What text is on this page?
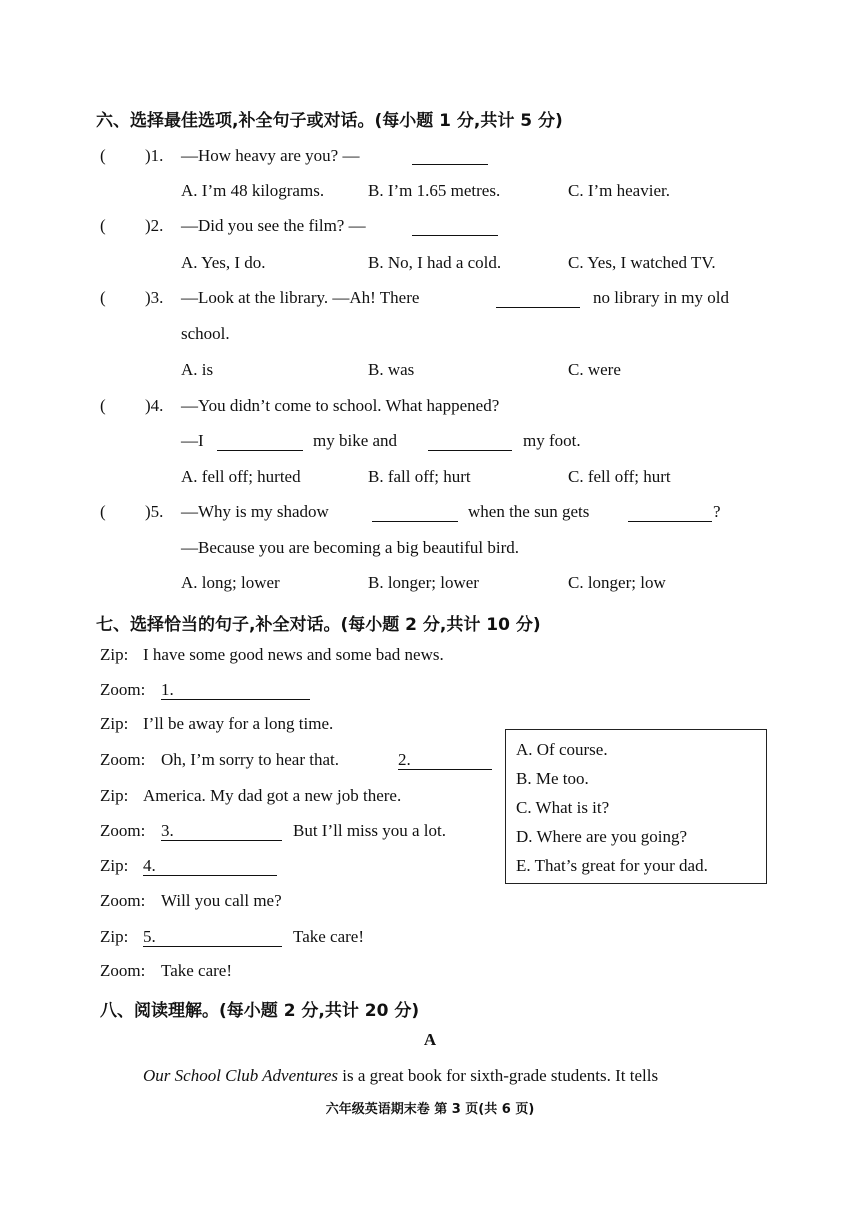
六、选择最佳选项,补全句子或对话。(每小题 1 分,共计 5 分)
( )1. —How heavy are you? —
A. I’m 48 kilograms.	B. I’m 1.65 metres.	C. I’m heavier.
( )2. —Did you see the film? —
A. Yes, I do.	B. No, I had a cold.	C. Yes, I watched TV.
( )3. —Look at the library. —Ah! There	no library in my old
school.
A. is	B. was	C. were
( )4. —You didn’t come to school. What happened?
—I	my bike and	my foot.
A. fell off; hurted	B. fall off; hurt	C. fell off; hurt
( )5. —Why is my shadow	when the sun gets	?
—Because you are becoming a big beautiful bird.
A. long; lower	B. longer; lower	C. longer; low
七、选择恰当的句子,补全对话。(每小题 2 分,共计 10 分)
Zip: I have some good news and some bad news.
Zoom: 1.
Zip: I’ll be away for a long time.
Zoom: Oh, I’m sorry to hear that.	2.
Zip: America. My dad got a new job there.
Zoom: 3.	But I’ll miss you a lot.
Zip: 4.
Zoom: Will you call me?
Zip: 5.	Take care!
Zoom: Take care!
A. Of course.
B. Me too.
C. What is it?
D. Where are you going?
E. That’s great for your dad.
八、阅读理解。(每小题 2 分,共计 20 分)
A
Our School Club Adventures is a great book for sixth-grade students. It tells
六年级英语期末卷 第 3 页(共 6 页)
